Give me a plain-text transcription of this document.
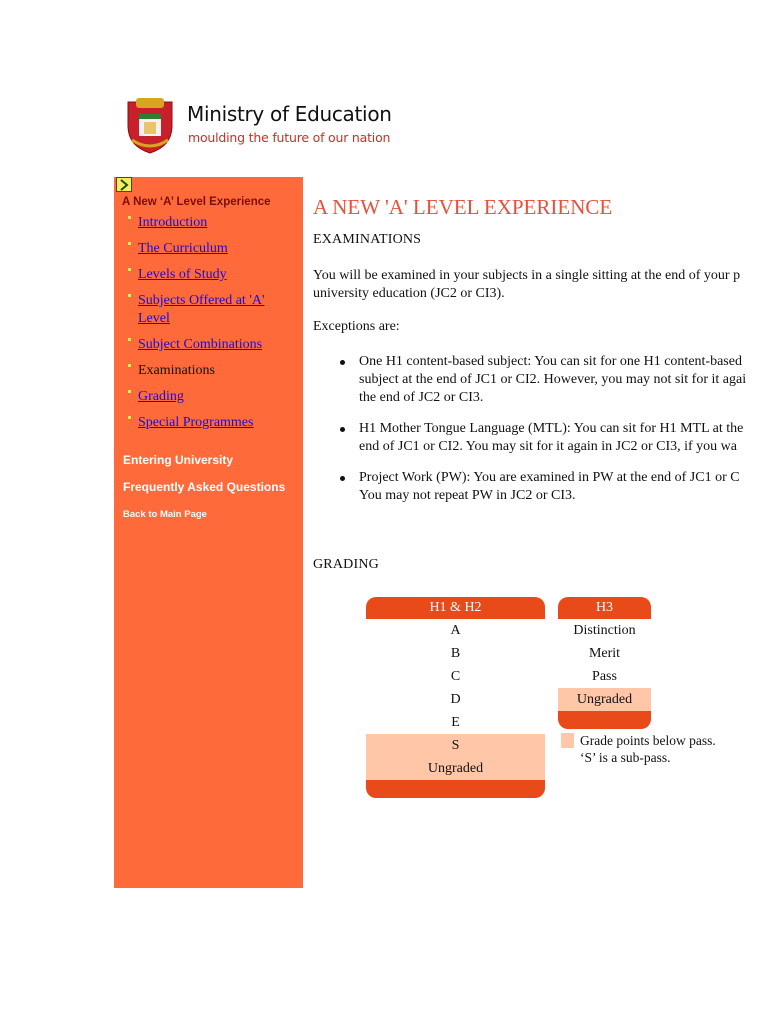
Ministry of Education
moulding the future of our nation
A New ‘A’ Level Experience
Introduction
The Curriculum
Levels of Study
Subjects Offered at 'A' Level
Subject Combinations
Examinations
Grading
Special Programmes
Entering University
Frequently Asked Questions
Back to Main Page
A NEW 'A' LEVEL EXPERIENCE
EXAMINATIONS
You will be examined in your subjects in a single sitting at the end of your p
university education (JC2 or CI3).
Exceptions are:
One H1 content-based subject: You can sit for one H1 content-based
subject at the end of JC1 or CI2. However, you may not sit for it agai
the end of JC2 or CI3.
H1 Mother Tongue Language (MTL): You can sit for H1 MTL at the
end of JC1 or CI2. You may sit for it again in JC2 or CI3, if you wa
Project Work (PW): You are examined in PW at the end of JC1 or C
You may not repeat PW in JC2 or CI3.
GRADING
H1 & H2
A
B
C
D
E
S
Ungraded
H3
Distinction
Merit
Pass
Ungraded
Grade points below pass.
‘S’ is a sub-pass.
